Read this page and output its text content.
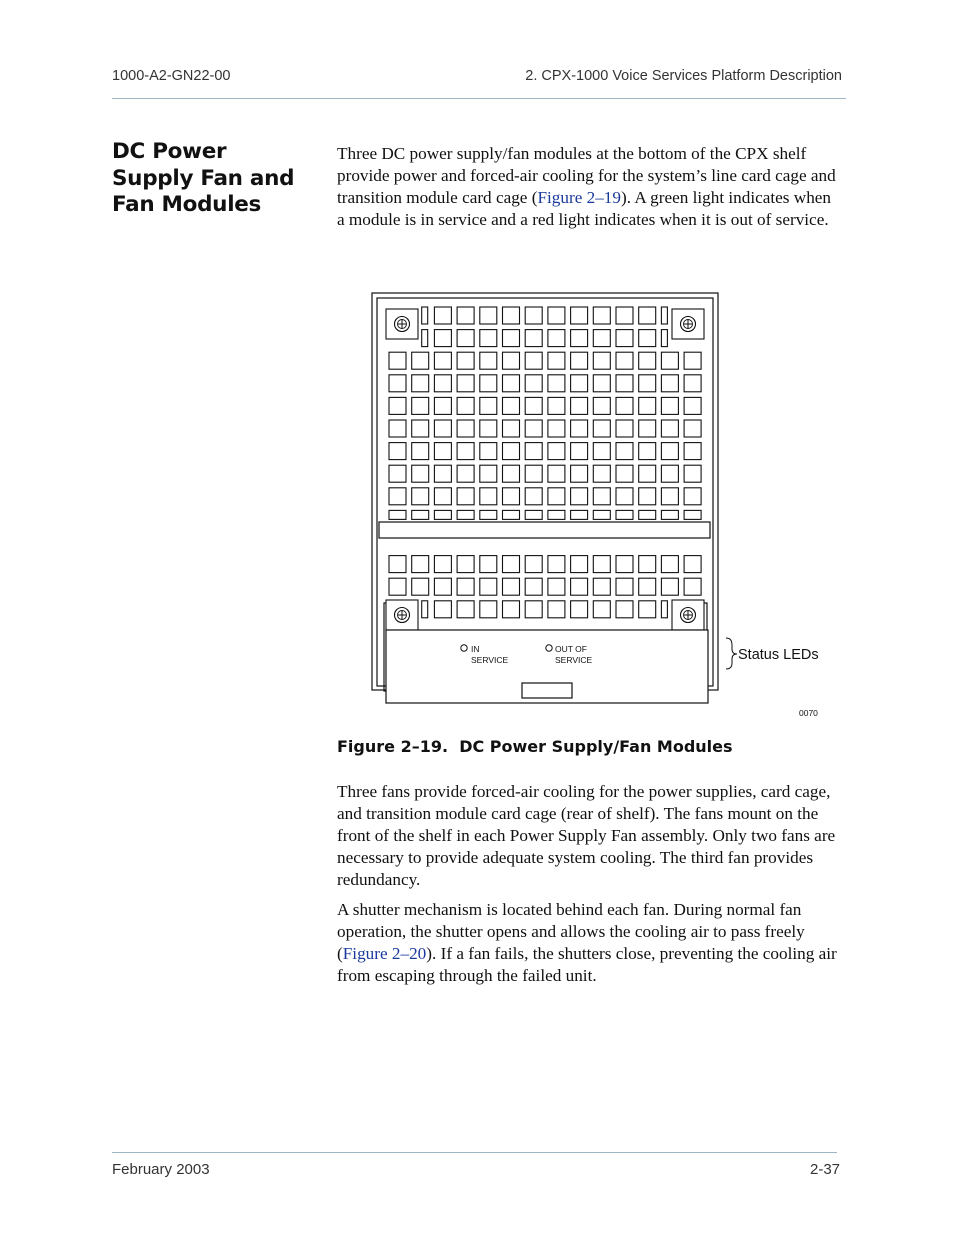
1000-A2-GN22-00	2. CPX-1000 Voice Services Platform Description
DC Power Supply Fan and Fan Modules

Three DC power supply/fan modules at the bottom of the CPX shelf provide power and forced-air cooling for the system’s line card cage and transition module card cage (Figure 2–19). A green light indicates when a module is in service and a red light indicates when it is out of service.

IN
SERVICE
OUT OF
SERVICE	Status LEDs
0070
Figure 2–19. DC Power Supply/Fan Modules

Three fans provide forced-air cooling for the power supplies, card cage, and transition module card cage (rear of shelf). The fans mount on the front of the shelf in each Power Supply Fan assembly. Only two fans are necessary to provide adequate system cooling. The third fan provides redundancy.

A shutter mechanism is located behind each fan. During normal fan operation, the shutter opens and allows the cooling air to pass freely (Figure 2–20). If a fan fails, the shutters close, preventing the cooling air from escaping through the failed unit.

February 2003	2-37
